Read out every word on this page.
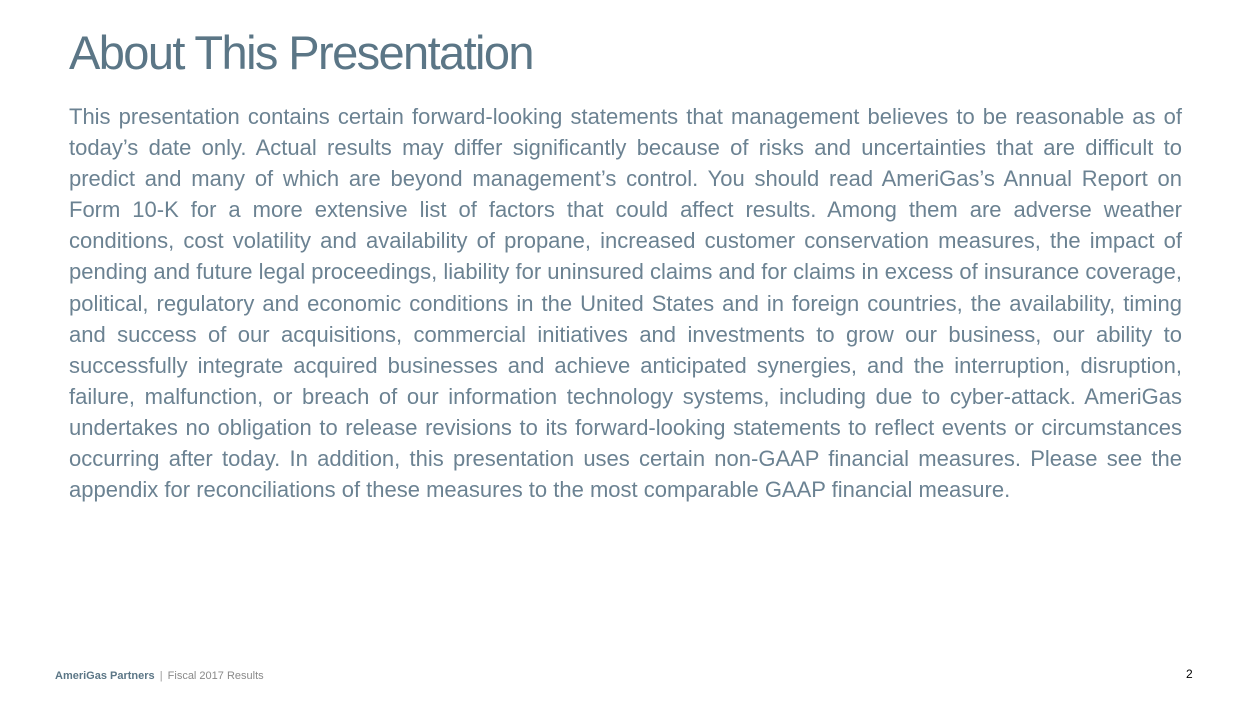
About This Presentation

This presentation contains certain forward-looking statements that management believes to be reasonable as of today’s date only. Actual results may differ significantly because of risks and uncertainties that are difficult to predict and many of which are beyond management’s control. You should read AmeriGas’s Annual Report on Form 10-K for a more extensive list of factors that could affect results. Among them are adverse weather conditions, cost volatility and availability of propane, increased customer conservation measures, the impact of pending and future legal proceedings, liability for uninsured claims and for claims in excess of insurance coverage, political, regulatory and economic conditions in the United States and in foreign countries, the availability, timing and success of our acquisitions, commercial initiatives and investments to grow our business, our ability to successfully integrate acquired businesses and achieve anticipated synergies, and the interruption, disruption, failure, malfunction, or breach of our information technology systems, including due to cyber-attack. AmeriGas undertakes no obligation to release revisions to its forward-looking statements to reflect events or circumstances occurring after today. In addition, this presentation uses certain non-GAAP financial measures. Please see the appendix for reconciliations of these measures to the most comparable GAAP financial measure.

AmeriGas Partners | Fiscal 2017 Results	2
